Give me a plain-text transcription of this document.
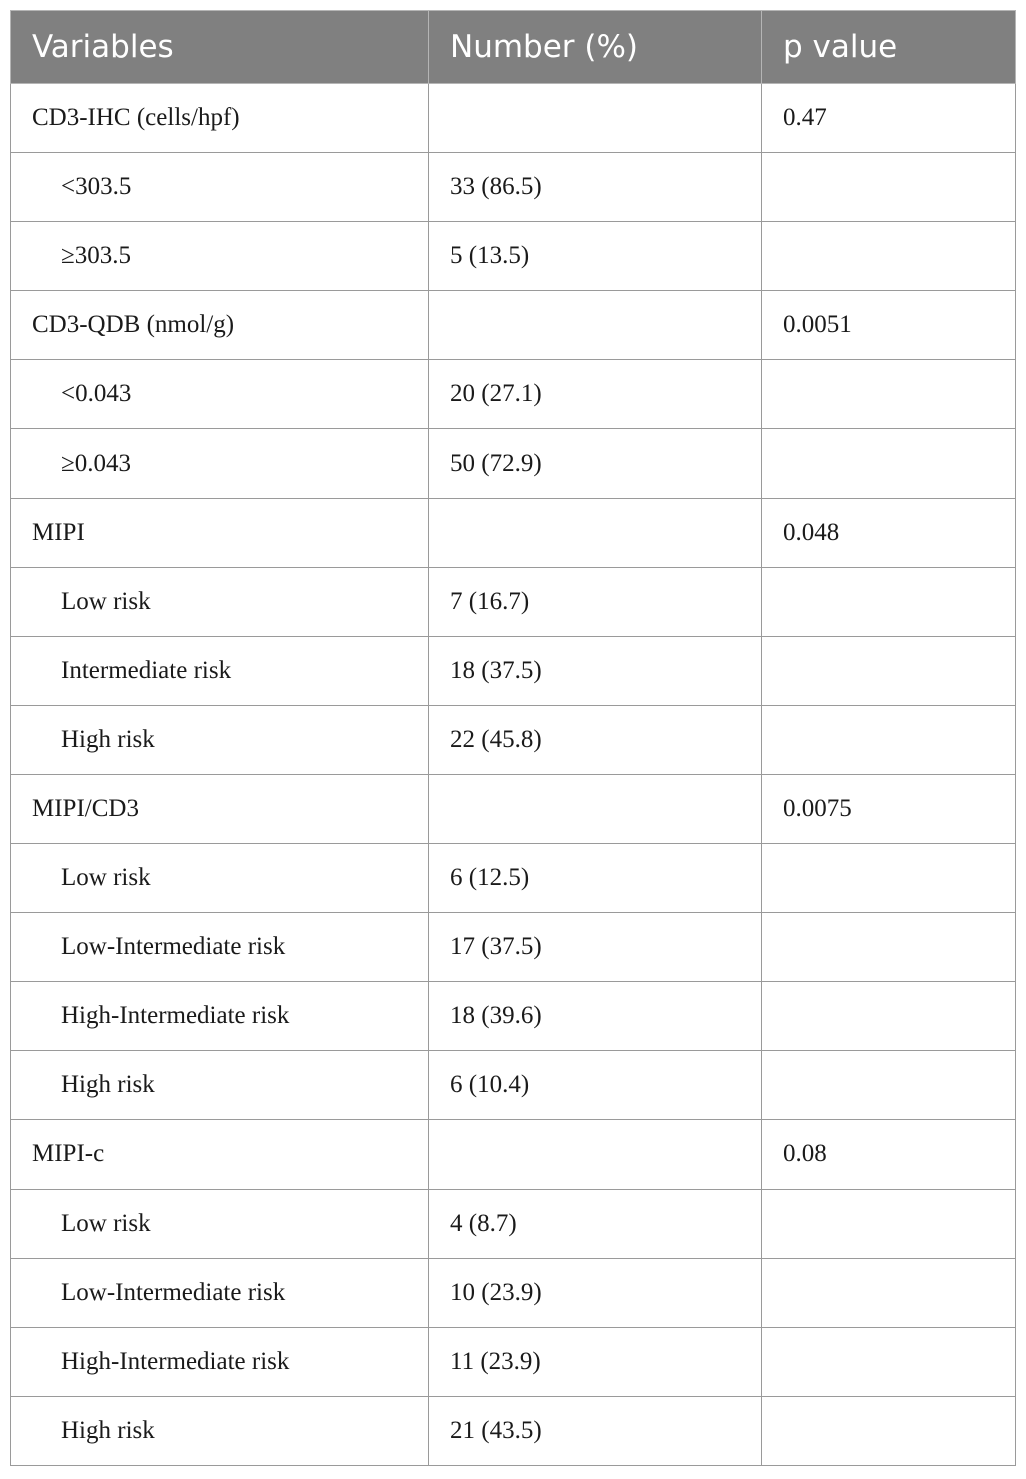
Variables	Number (%)	p value
CD3-IHC (cells/hpf)		0.47
<303.5	33 (86.5)	
≥303.5	5 (13.5)	
CD3-QDB (nmol/g)		0.0051
<0.043	20 (27.1)	
≥0.043	50 (72.9)	
MIPI		0.048
Low risk	7 (16.7)	
Intermediate risk	18 (37.5)	
High risk	22 (45.8)	
MIPI/CD3		0.0075
Low risk	6 (12.5)	
Low-Intermediate risk	17 (37.5)	
High-Intermediate risk	18 (39.6)	
High risk	6 (10.4)	
MIPI-c		0.08
Low risk	4 (8.7)	
Low-Intermediate risk	10 (23.9)	
High-Intermediate risk	11 (23.9)	
High risk	21 (43.5)	
